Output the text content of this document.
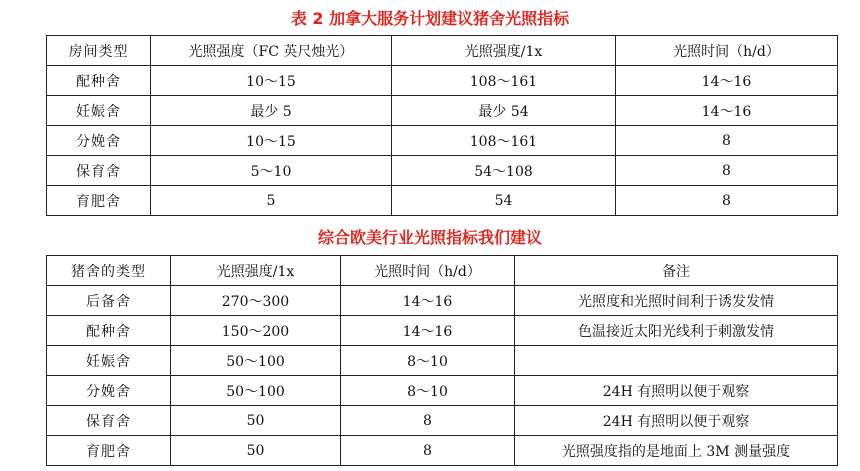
表 2 加拿大服务计划建议猪舍光照指标
房间类型	光照强度（FC 英尺烛光）	光照强度/1x	光照时间（h/d）
配种舍	10～15	108～161	14～16
妊娠舍	最少 5	最少 54	14～16
分娩舍	10～15	108～161	8
保育舍	5～10	54～108	8
育肥舍	5	54	8
综合欧美行业光照指标我们建议
猪舍的类型	光照强度/1x	光照时间（h/d）	备注
后备舍	270～300	14～16	光照度和光照时间利于诱发发情
配种舍	150～200	14～16	色温接近太阳光线利于刺激发情
妊娠舍	50～100	8～10	
分娩舍	50～100	8～10	24H 有照明以便于观察
保育舍	50	8	24H 有照明以便于观察
育肥舍	50	8	光照强度指的是地面上 3M 测量强度
